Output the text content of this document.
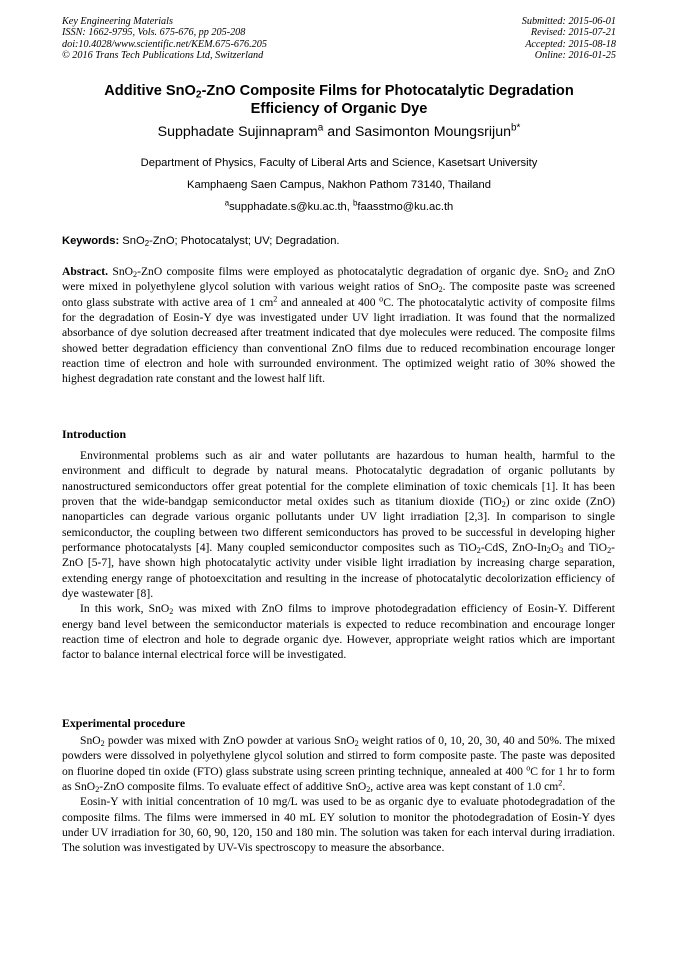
Key Engineering Materials
ISSN: 1662-9795, Vols. 675-676, pp 205-208
doi:10.4028/www.scientific.net/KEM.675-676.205
© 2016 Trans Tech Publications Ltd, Switzerland
Submitted: 2015-06-01
Revised: 2015-07-21
Accepted: 2015-08-18
Online: 2016-01-25
Additive SnO$_2$-ZnO Composite Films for Photocatalytic Degradation
Efficiency of Organic Dye
Supphadate Sujinnapram$^a$ and Sasimonton Moungsrijun$^{b*}$
Department of Physics, Faculty of Liberal Arts and Science, Kasetsart University
Kamphaeng Saen Campus, Nakhon Pathom 73140, Thailand
$^a$supphadate.s@ku.ac.th, $^b$faasstmo@ku.ac.th
Keywords: SnO$_2$-ZnO; Photocatalyst; UV; Degradation.

Abstract. SnO$_2$-ZnO composite films were employed as photocatalytic degradation of organic dye. SnO$_2$ and ZnO were mixed in polyethylene glycol solution with various weight ratios of SnO$_2$. The composite paste was screened onto glass substrate with active area of 1 $cm^2$ and annealed at 400 $^o$C. The photocatalytic activity of composite films for the degradation of Eosin-Y dye was investigated under UV light irradiation. It was found that the normalized absorbance of dye solution decreased after treatment indicated that dye molecules were reduced. The composite films showed better degradation efficiency than conventional ZnO films due to reduced recombination encourage longer reaction time of electron and hole with surrounded environment. The optimized weight ratio of 30% showed the highest degradation rate constant and the lowest half lift.

Introduction

Environmental problems such as air and water pollutants are hazardous to human health, harmful to the environment and difficult to degrade by natural means. Photocatalytic degradation of organic pollutants by nanostructured semiconductors offer great potential for the complete elimination of toxic chemicals [1]. It has been proven that the wide-bandgap semiconductor metal oxides such as titanium dioxide (TiO$_2$) or zinc oxide (ZnO) nanoparticles can degrade various organic pollutants under UV light irradiation [2,3]. In comparison to single semiconductor, the coupling between two different semiconductors has proved to be successful in developing higher performance photocatalysts [4]. Many coupled semiconductor composites such as TiO$_2$-CdS, ZnO-$In_2O_3$ and TiO$_2$-ZnO [5-7], have shown high photocatalytic activity under visible light irradiation by increasing charge separation, extending energy range of photoexcitation and resulting in the increase of photocatalytic decolorization efficiency of dye wastewater [8].

In this work, SnO$_2$ was mixed with ZnO films to improve photodegradation efficiency of Eosin-Y. Different energy band level between the semiconductor materials is expected to reduce recombination and encourage longer reaction time of electron and hole to degrade organic dye. However, appropriate weight ratios which are important factor to balance internal electrical force will be investigated.

Experimental procedure

SnO$_2$ powder was mixed with ZnO powder at various SnO$_2$ weight ratios of 0, 10, 20, 30, 40 and 50%. The mixed powders were dissolved in polyethylene glycol solution and stirred to form composite paste. The paste was deposited on fluorine doped tin oxide (FTO) glass substrate using screen printing technique, annealed at 400 $^o$C for 1 hr to form as SnO$_2$-ZnO composite films. To evaluate effect of additive SnO$_2$, active area was kept constant of 1.0 $cm^2$.

Eosin-Y with initial concentration of 10 mg/L was used to be as organic dye to evaluate photodegradation of the composite films. The films were immersed in 40 mL EY solution to monitor the photodegradation of Eosin-Y dyes under UV irradiation for 30, 60, 90, 120, 150 and 180 min. The solution was taken for each interval during irradiation. The solution was investigated by UV-Vis spectroscopy to measure the absorbance.
